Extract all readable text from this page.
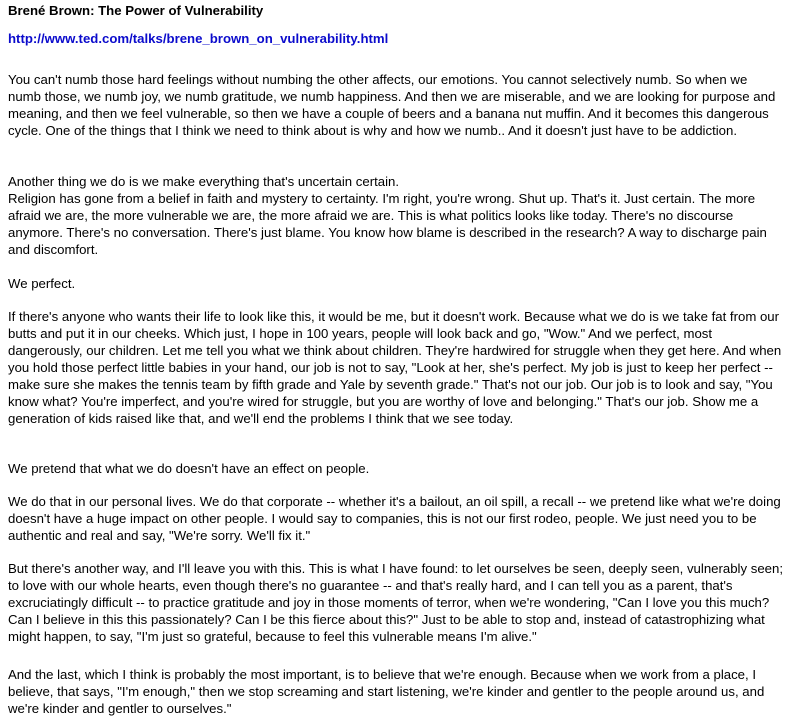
Brené Brown: The Power of Vulnerability
http://www.ted.com/talks/brene_brown_on_vulnerability.html

You can't numb those hard feelings without numbing the other affects, our emotions. You cannot selectively numb. So when we numb those, we numb joy, we numb gratitude, we numb happiness. And then we are miserable, and we are looking for purpose and meaning, and then we feel vulnerable, so then we have a couple of beers and a banana nut muffin. And it becomes this dangerous cycle. One of the things that I think we need to think about is why and how we numb.. And it doesn't just have to be addiction.

Another thing we do is we make everything that's uncertain certain.

Religion has gone from a belief in faith and mystery to certainty. I'm right, you're wrong. Shut up. That's it. Just certain. The more afraid we are, the more vulnerable we are, the more afraid we are. This is what politics looks like today. There's no discourse anymore. There's no conversation. There's just blame. You know how blame is described in the research? A way to discharge pain and discomfort.

We perfect.

If there's anyone who wants their life to look like this, it would be me, but it doesn't work. Because what we do is we take fat from our butts and put it in our cheeks. Which just, I hope in 100 years, people will look back and go, "Wow." And we perfect, most dangerously, our children. Let me tell you what we think about children. They're hardwired for struggle when they get here. And when you hold those perfect little babies in your hand, our job is not to say, "Look at her, she's perfect. My job is just to keep her perfect -- make sure she makes the tennis team by fifth grade and Yale by seventh grade." That's not our job. Our job is to look and say, "You know what? You're imperfect, and you're wired for struggle, but you are worthy of love and belonging." That's our job. Show me a generation of kids raised like that, and we'll end the problems I think that we see today.

We pretend that what we do doesn't have an effect on people.

We do that in our personal lives. We do that corporate -- whether it's a bailout, an oil spill, a recall -- we pretend like what we're doing doesn't have a huge impact on other people. I would say to companies, this is not our first rodeo, people. We just need you to be authentic and real and say, "We're sorry. We'll fix it."

But there's another way, and I'll leave you with this. This is what I have found: to let ourselves be seen, deeply seen, vulnerably seen; to love with our whole hearts, even though there's no guarantee -- and that's really hard, and I can tell you as a parent, that's excruciatingly difficult -- to practice gratitude and joy in those moments of terror, when we're wondering, "Can I love you this much? Can I believe in this this passionately? Can I be this fierce about this?" Just to be able to stop and, instead of catastrophizing what might happen, to say, "I'm just so grateful, because to feel this vulnerable means I'm alive."

And the last, which I think is probably the most important, is to believe that we're enough. Because when we work from a place, I believe, that says, "I'm enough," then we stop screaming and start listening, we're kinder and gentler to the people around us, and we're kinder and gentler to ourselves."
